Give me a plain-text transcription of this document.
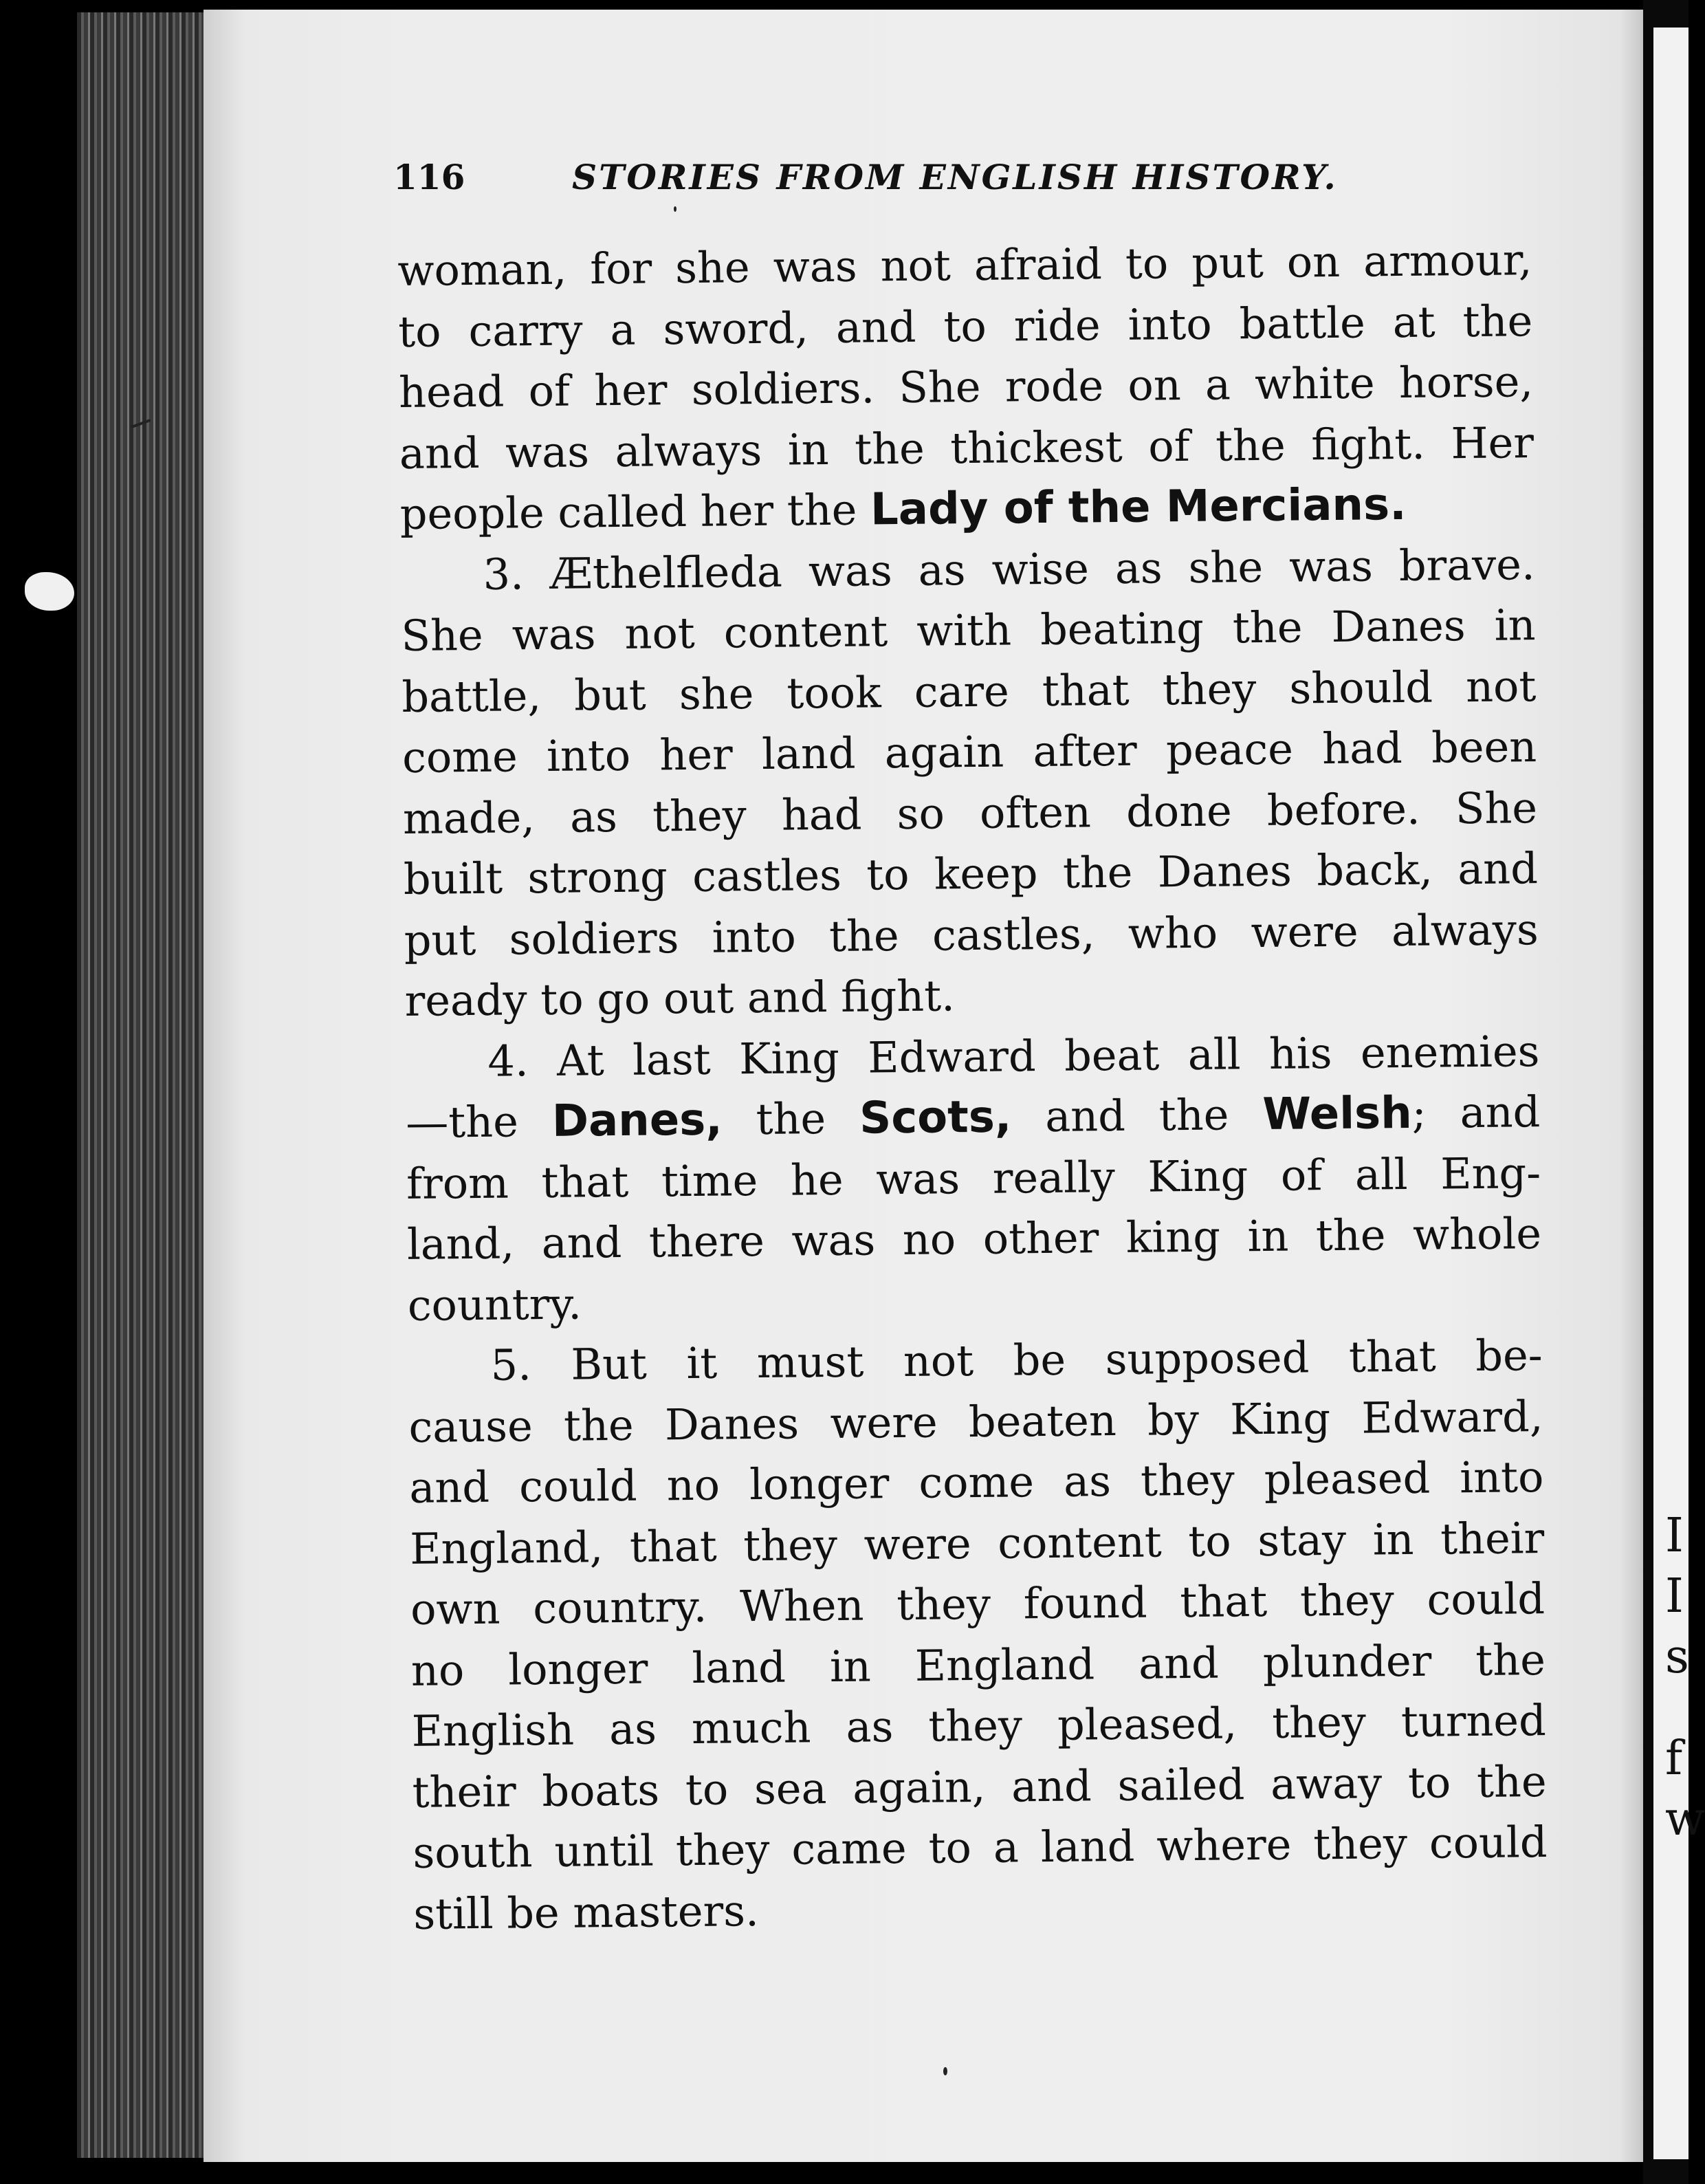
I
I
s
f
w
116	STORIES FROM ENGLISH HISTORY.
woman, for she was not afraid to put on armour,
to carry a sword, and to ride into battle at the
head of her soldiers. She rode on a white horse,
and was always in the thickest of the fight. Her
people called her the Lady of the Mercians.
3. Æthelfleda was as wise as she was brave.
She was not content with beating the Danes in
battle, but she took care that they should not
come into her land again after peace had been
made, as they had so often done before. She
built strong castles to keep the Danes back, and
put soldiers into the castles, who were always
ready to go out and fight.
4. At last King Edward beat all his enemies
—the Danes, the Scots, and the Welsh; and
from that time he was really King of all Eng-
land, and there was no other king in the whole
country.
5. But it must not be supposed that be-
cause the Danes were beaten by King Edward,
and could no longer come as they pleased into
England, that they were content to stay in their
own country. When they found that they could
no longer land in England and plunder the
English as much as they pleased, they turned
their boats to sea again, and sailed away to the
south until they came to a land where they could
still be masters.
